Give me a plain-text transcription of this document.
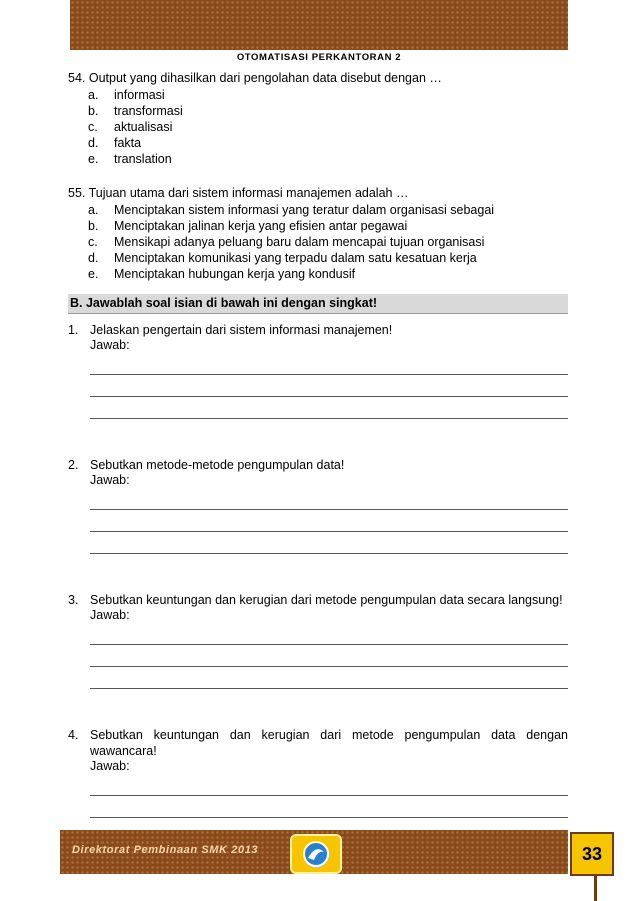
OTOMATISASI PERKANTORAN 2
54. Output yang dihasilkan dari pengolahan data disebut dengan …
a.	informasi
b.	transformasi
c.	aktualisasi
d.	fakta
e.	translation
55. Tujuan utama dari sistem informasi manajemen adalah …
a.	Menciptakan sistem informasi yang teratur dalam organisasi sebagai
b.	Menciptakan jalinan kerja yang efisien antar pegawai
c.	Mensikapi adanya peluang baru dalam mencapai tujuan organisasi
d.	Menciptakan komunikasi yang terpadu dalam satu kesatuan kerja
e.	Menciptakan hubungan kerja yang kondusif
B. Jawablah soal isian di bawah ini dengan singkat!
1. Jelaskan pengertain dari sistem informasi manajemen!
Jawab:
2. Sebutkan metode-metode pengumpulan data!
Jawab:
3. Sebutkan keuntungan dan kerugian dari metode pengumpulan data secara langsung!
Jawab:
4. Sebutkan keuntungan dan kerugian dari metode pengumpulan data dengan wawancara!
Jawab:
Direktorat Pembinaan SMK 2013	33
